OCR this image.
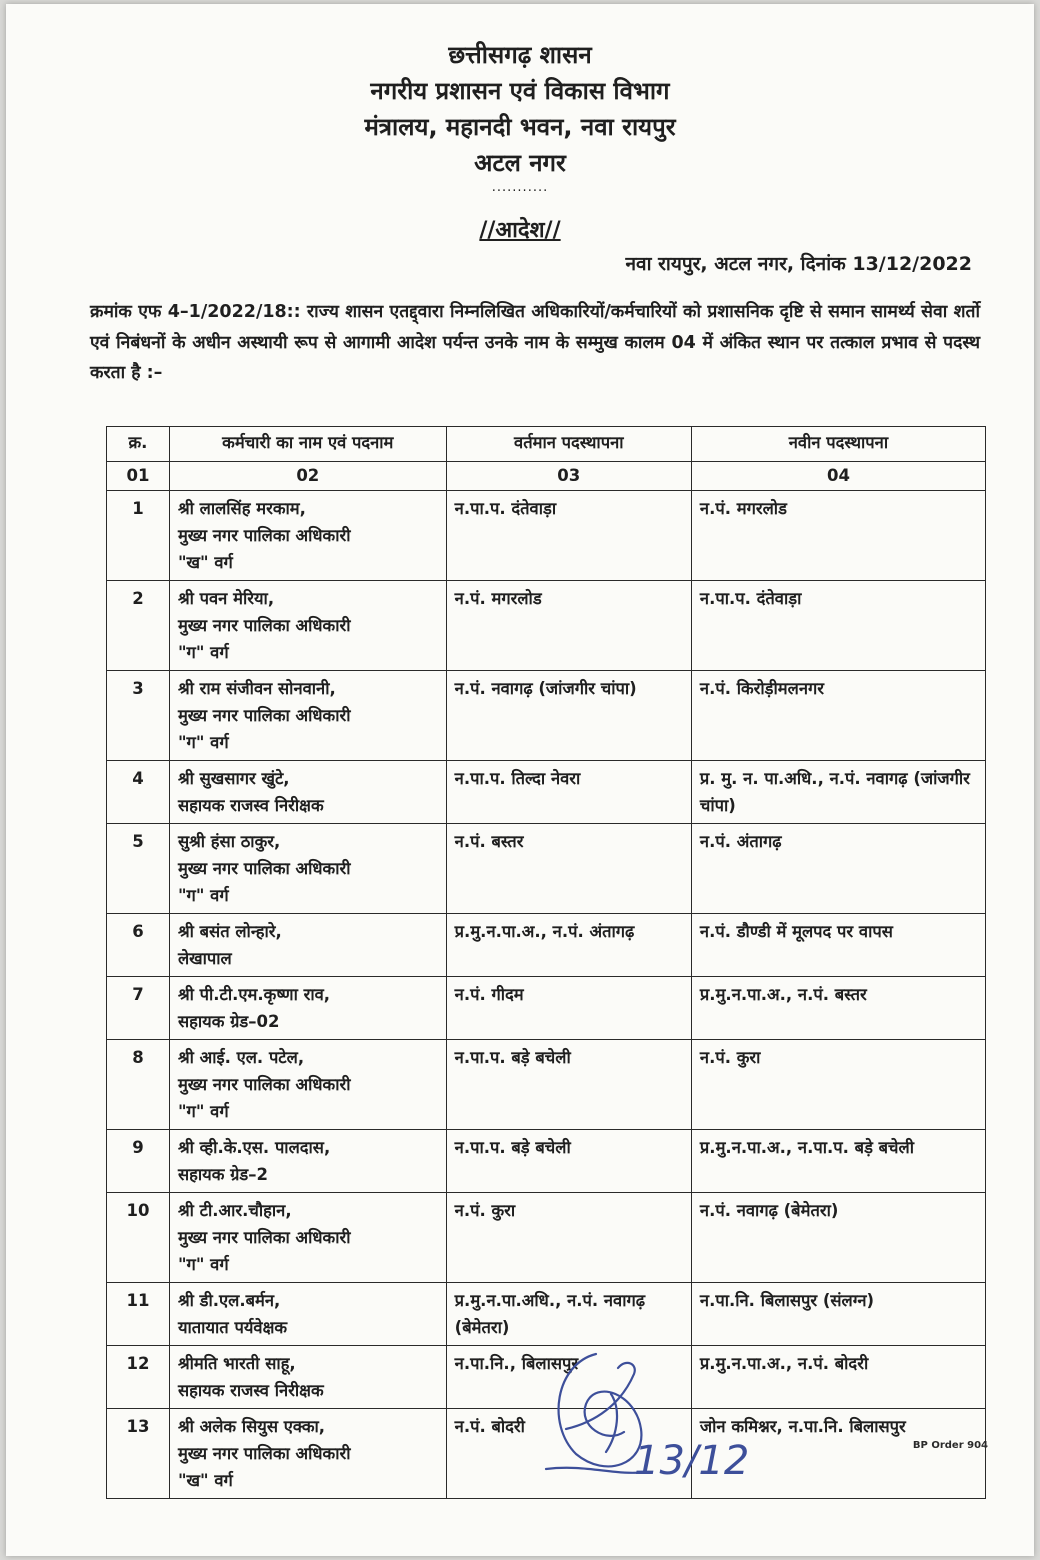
छत्तीसगढ़ शासन
नगरीय प्रशासन एवं विकास विभाग
मंत्रालय, महानदी भवन, नवा रायपुर
अटल नगर
...........
//आदेश//
नवा रायपुर, अटल नगर, दिनांक 13/12/2022
क्रमांक एफ 4–1/2022/18:: राज्य शासन एतद्द्वारा निम्नलिखित अधिकारियों/कर्मचारियों को प्रशासनिक दृष्टि से समान सामर्थ्य सेवा शर्तो एवं निबंधनों के अधीन अस्थायी रूप से आगामी आदेश पर्यन्त उनके नाम के सम्मुख कालम 04 में अंकित स्थान पर तत्काल प्रभाव से पदस्थ करता है :–
क्र.	कर्मचारी का नाम एवं पदनाम	वर्तमान पदस्थापना	नवीन पदस्थापना
01	02	03	04
1	श्री लालसिंह मरकाम,
मुख्य नगर पालिका अधिकारी
"ख" वर्ग	न.पा.प. दंतेवाड़ा	न.पं. मगरलोड
2	श्री पवन मेरिया,
मुख्य नगर पालिका अधिकारी
"ग" वर्ग	न.पं. मगरलोड	न.पा.प. दंतेवाड़ा
3	श्री राम संजीवन सोनवानी,
मुख्य नगर पालिका अधिकारी
"ग" वर्ग	न.पं. नवागढ़ (जांजगीर चांपा)	न.पं. किरोड़ीमलनगर
4	श्री सुखसागर खुंटे,
सहायक राजस्व निरीक्षक	न.पा.प. तिल्दा नेवरा	प्र. मु. न. पा.अधि., न.पं. नवागढ़ (जांजगीर चांपा)
5	सुश्री हंसा ठाकुर,
मुख्य नगर पालिका अधिकारी
"ग" वर्ग	न.पं. बस्तर	न.पं. अंतागढ़
6	श्री बसंत लोन्हारे,
लेखापाल	प्र.मु.न.पा.अ., न.पं. अंतागढ़	न.पं. डौण्डी में मूलपद पर वापस
7	श्री पी.टी.एम.कृष्णा राव,
सहायक ग्रेड–02	न.पं. गीदम	प्र.मु.न.पा.अ., न.पं. बस्तर
8	श्री आई. एल. पटेल,
मुख्य नगर पालिका अधिकारी
"ग" वर्ग	न.पा.प. बड़े बचेली	न.पं. कुरा
9	श्री व्ही.के.एस. पालदास,
सहायक ग्रेड–2	न.पा.प. बड़े बचेली	प्र.मु.न.पा.अ., न.पा.प. बड़े बचेली
10	श्री टी.आर.चौहान,
मुख्य नगर पालिका अधिकारी
"ग" वर्ग	न.पं. कुरा	न.पं. नवागढ़ (बेमेतरा)
11	श्री डी.एल.बर्मन,
यातायात पर्यवेक्षक	प्र.मु.न.पा.अधि., न.पं. नवागढ़ (बेमेतरा)	न.पा.नि. बिलासपुर (संलग्न)
12	श्रीमति भारती साहू,
सहायक राजस्व निरीक्षक	न.पा.नि., बिलासपुर	प्र.मु.न.पा.अ., न.पं. बोदरी
13	श्री अलेक सियुस एक्का,
मुख्य नगर पालिका अधिकारी
"ख" वर्ग	न.पं. बोदरी	जोन कमिश्नर, न.पा.नि. बिलासपुर
13/12	BP Order 904
